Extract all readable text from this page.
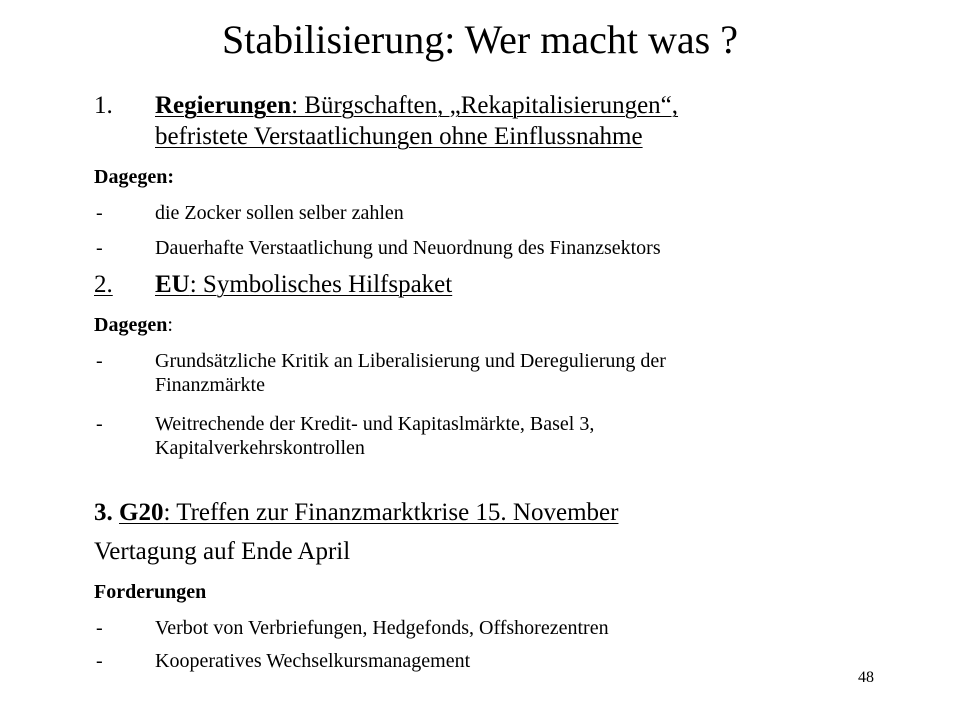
Stabilisierung: Wer macht was ?
1. Regierungen: Bürgschaften, „Rekapitalisierungen“,
befristete Verstaatlichungen ohne Einflussnahme
Dagegen:
-	die Zocker sollen selber zahlen
-	Dauerhafte Verstaatlichung und Neuordnung des Finanzsektors
2. EU: Symbolisches Hilfspaket
Dagegen:
-	Grundsätzliche Kritik an Liberalisierung und Deregulierung der
Finanzmärkte
-	Weitrechende der Kredit- und Kapitaslmärkte, Basel 3,
Kapitalverkehrskontrollen
3. G20: Treffen zur Finanzmarktkrise 15. November
Vertagung auf Ende April
Forderungen
-	Verbot von Verbriefungen, Hedgefonds, Offshorezentren
-	Kooperatives Wechselkursmanagement
48
